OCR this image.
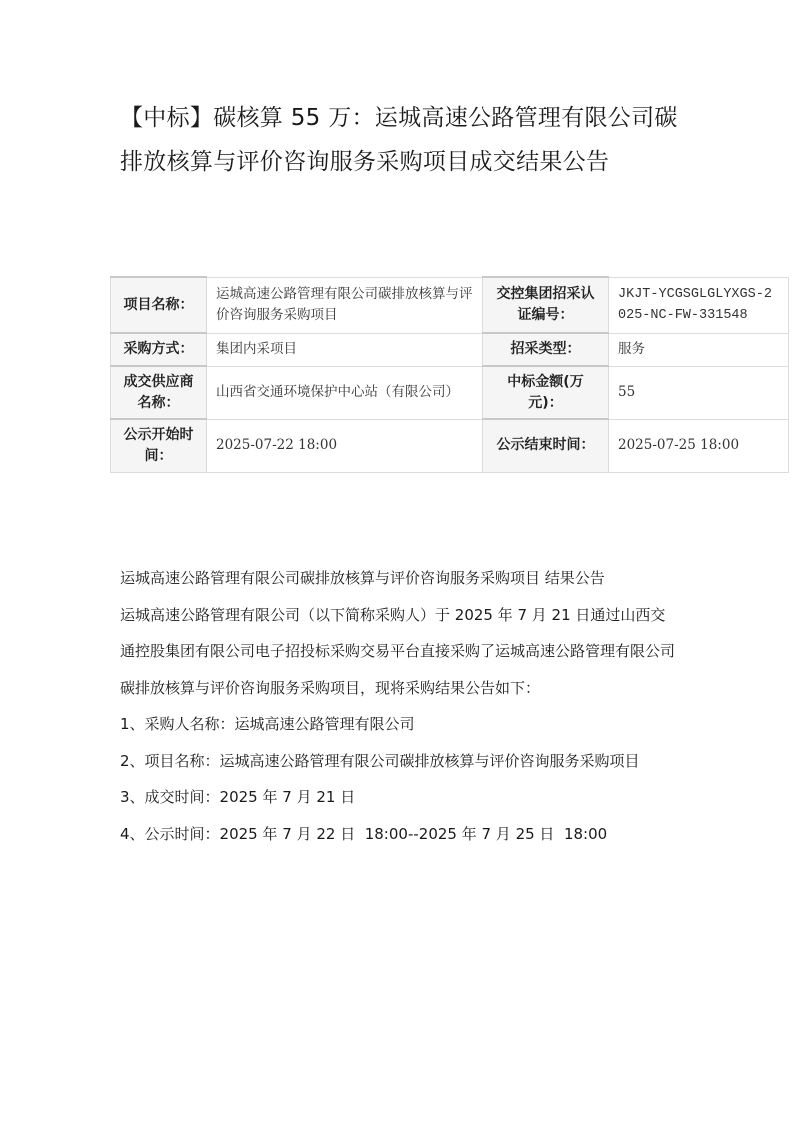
【中标】碳核算 55 万：运城高速公路管理有限公司碳排放核算与评价咨询服务采购项目成交结果公告
项目名称：	运城高速公路管理有限公司碳排放核算与评价咨询服务采购项目	交控集团招采认证编号：	JKJT-YCGSGLGLYXGS-2025-NC-FW-331548
采购方式：	集团内采项目	招采类型：	服务
成交供应商名称：	山西省交通环境保护中心站（有限公司）	中标金额(万元)：	55
公示开始时间：	2025-07-22 18:00	公示结束时间：	2025-07-25 18:00

运城高速公路管理有限公司碳排放核算与评价咨询服务采购项目 结果公告

运城高速公路管理有限公司（以下简称采购人）于 2025 年 7 月 21 日通过山西交通控股集团有限公司电子招投标采购交易平台直接采购了运城高速公路管理有限公司碳排放核算与评价咨询服务采购项目，现将采购结果公告如下：

1、采购人名称：运城高速公路管理有限公司

2、项目名称：运城高速公路管理有限公司碳排放核算与评价咨询服务采购项目

3、成交时间：2025 年 7 月 21 日

4、公示时间：2025 年 7 月 22 日  18:00--2025 年 7 月 25 日  18:00
